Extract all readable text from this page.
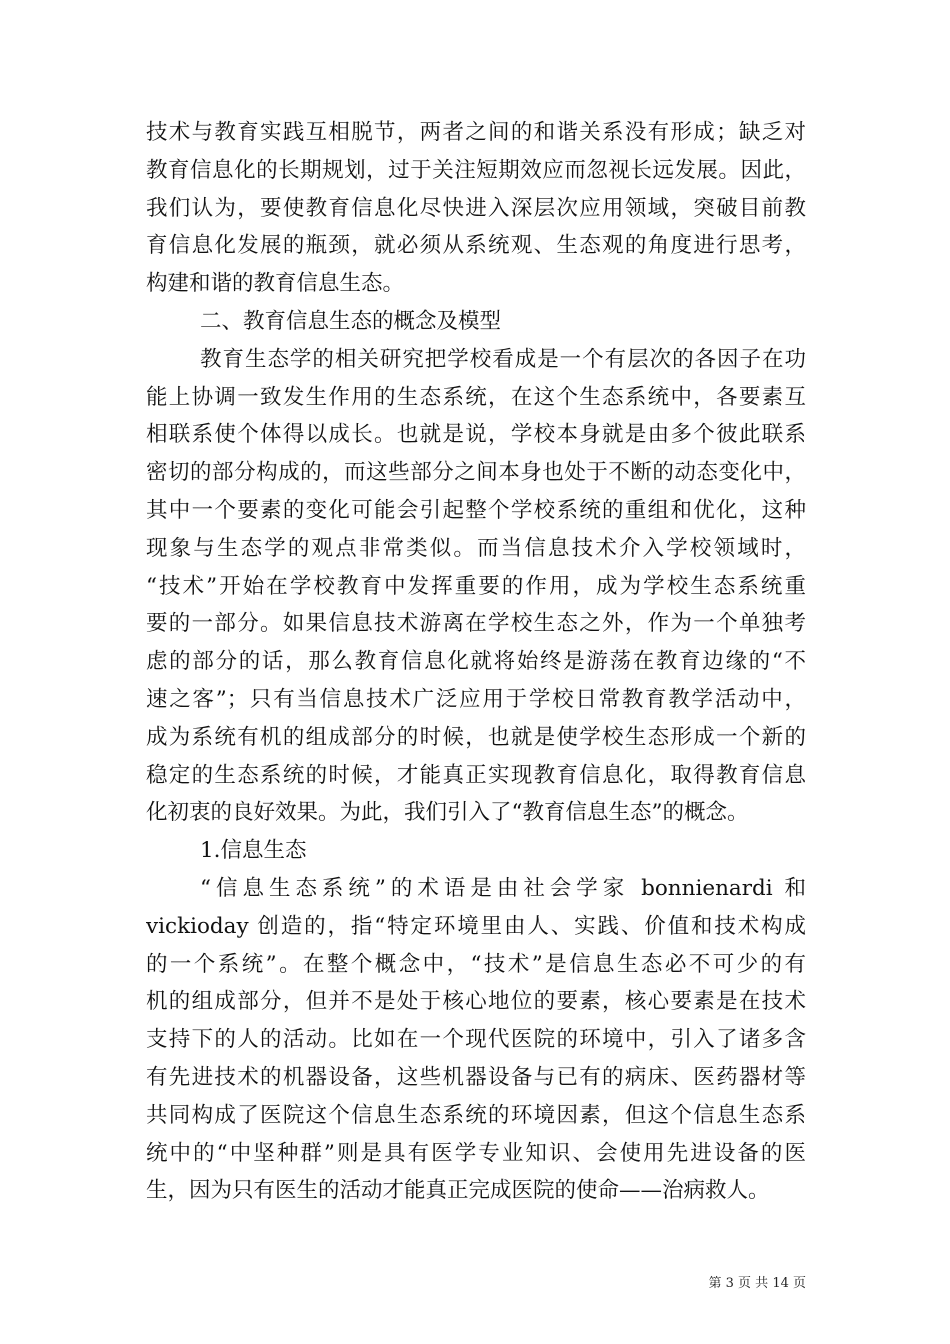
技术与教育实践互相脱节，两者之间的和谐关系没有形成；缺乏对
教育信息化的长期规划，过于关注短期效应而忽视长远发展。因此，
我们认为，要使教育信息化尽快进入深层次应用领域，突破目前教
育信息化发展的瓶颈，就必须从系统观、生态观的角度进行思考，
构建和谐的教育信息生态。
二、教育信息生态的概念及模型
教育生态学的相关研究把学校看成是一个有层次的各因子在功
能上协调一致发生作用的生态系统，在这个生态系统中，各要素互
相联系使个体得以成长。也就是说，学校本身就是由多个彼此联系
密切的部分构成的，而这些部分之间本身也处于不断的动态变化中，
其中一个要素的变化可能会引起整个学校系统的重组和优化，这种
现象与生态学的观点非常类似。而当信息技术介入学校领域时，
“技术”开始在学校教育中发挥重要的作用，成为学校生态系统重
要的一部分。如果信息技术游离在学校生态之外，作为一个单独考
虑的部分的话，那么教育信息化就将始终是游荡在教育边缘的“不
速之客”；只有当信息技术广泛应用于学校日常教育教学活动中，
成为系统有机的组成部分的时候，也就是使学校生态形成一个新的
稳定的生态系统的时候，才能真正实现教育信息化，取得教育信息
化初衷的良好效果。为此，我们引入了“教育信息生态”的概念。
1.信息生态
“信息生态系统”的术语是由社会学家 bonnienardi 和
vickioday 创造的，指“特定环境里由人、实践、价值和技术构成
的一个系统”。在整个概念中，“技术”是信息生态必不可少的有
机的组成部分，但并不是处于核心地位的要素，核心要素是在技术
支持下的人的活动。比如在一个现代医院的环境中，引入了诸多含
有先进技术的机器设备，这些机器设备与已有的病床、医药器材等
共同构成了医院这个信息生态系统的环境因素，但这个信息生态系
统中的“中坚种群”则是具有医学专业知识、会使用先进设备的医
生，因为只有医生的活动才能真正完成医院的使命——治病救人。
第 3 页 共 14 页
